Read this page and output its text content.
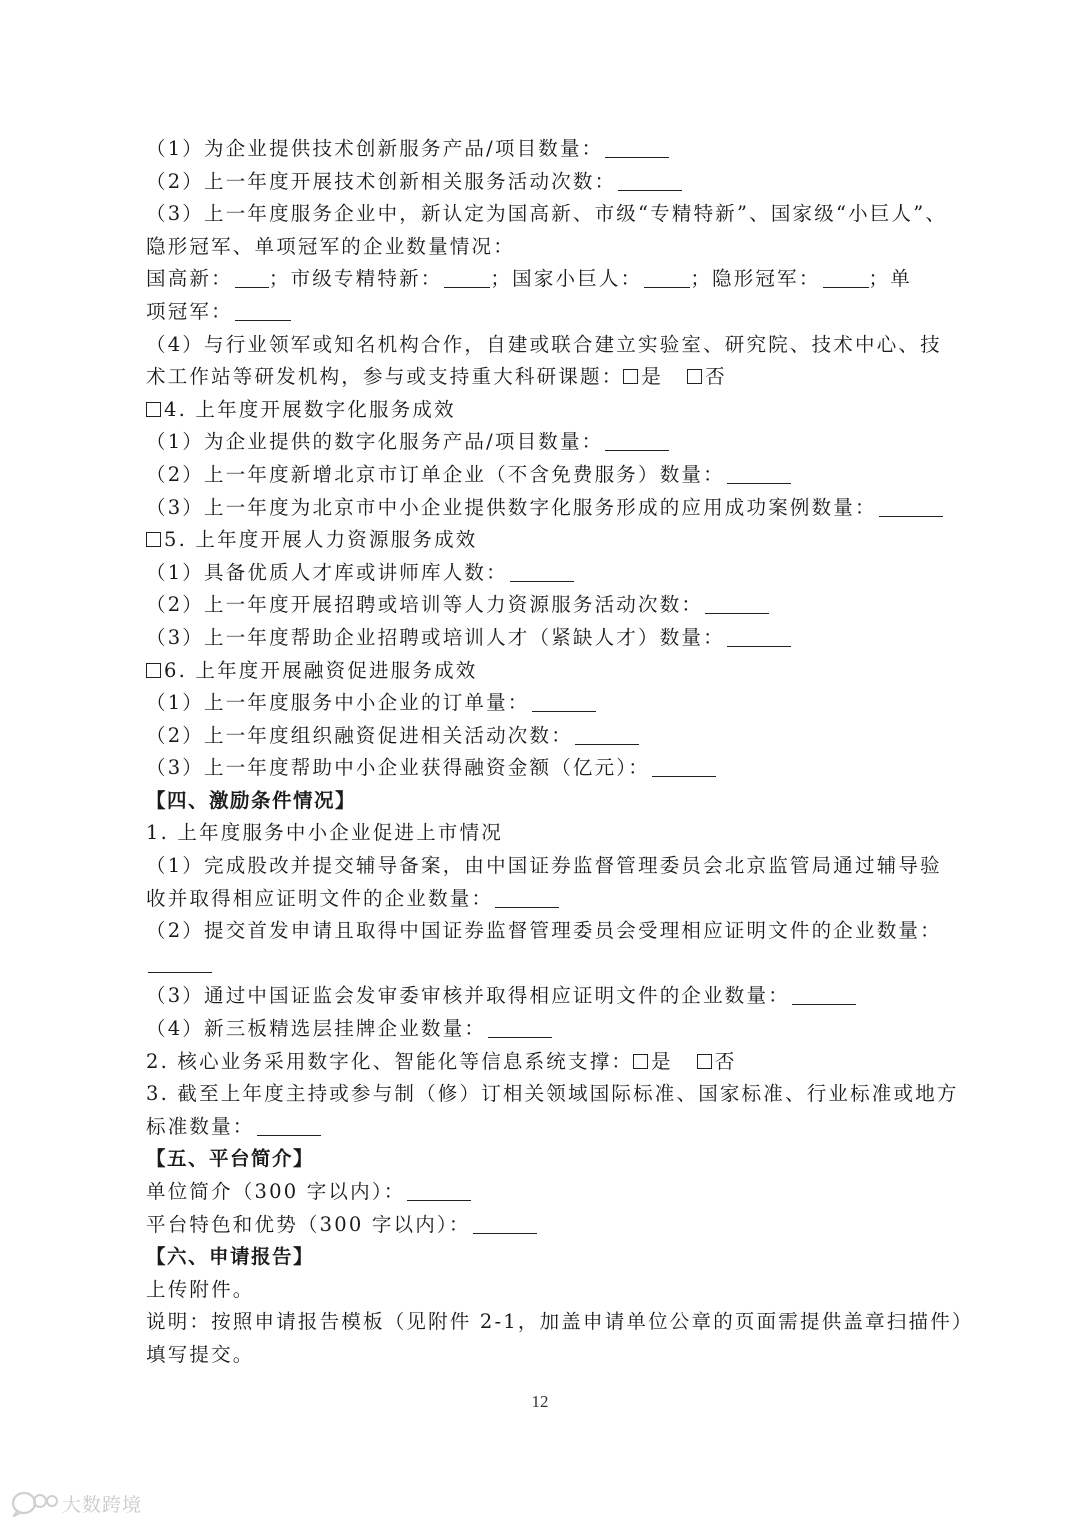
（1）为企业提供技术创新服务产品/项目数量：
（2）上一年度开展技术创新相关服务活动次数：
（3）上一年度服务企业中，新认定为国高新、市级“专精特新”、国家级“小巨人”、
隐形冠军、单项冠军的企业数量情况：
国高新： ；市级专精特新： ；国家小巨人： ；隐形冠军： ；单
项冠军：
（4）与行业领军或知名机构合作，自建或联合建立实验室、研究院、技术中心、技
术工作站等研发机构，参与或支持重大科研课题： 是 否
4. 上年度开展数字化服务成效
（1）为企业提供的数字化服务产品/项目数量：
（2）上一年度新增北京市订单企业（不含免费服务）数量：
（3）上一年度为北京市中小企业提供数字化服务形成的应用成功案例数量：
5. 上年度开展人力资源服务成效
（1）具备优质人才库或讲师库人数：
（2）上一年度开展招聘或培训等人力资源服务活动次数：
（3）上一年度帮助企业招聘或培训人才（紧缺人才）数量：
6. 上年度开展融资促进服务成效
（1）上一年度服务中小企业的订单量：
（2）上一年度组织融资促进相关活动次数：
（3）上一年度帮助中小企业获得融资金额（亿元）：
【四、激励条件情况】
1. 上年度服务中小企业促进上市情况
（1）完成股改并提交辅导备案，由中国证券监督管理委员会北京监管局通过辅导验
收并取得相应证明文件的企业数量：
（2）提交首发申请且取得中国证券监督管理委员会受理相应证明文件的企业数量：
（3）通过中国证监会发审委审核并取得相应证明文件的企业数量：
（4）新三板精选层挂牌企业数量：
2. 核心业务采用数字化、智能化等信息系统支撑： 是 否
3. 截至上年度主持或参与制（修）订相关领域国际标准、国家标准、行业标准或地方
标准数量：
【五、平台简介】
单位简介（300 字以内）：
平台特色和优势（300 字以内）：
【六、申请报告】
上传附件。
说明：按照申请报告模板（见附件 2-1，加盖申请单位公章的页面需提供盖章扫描件）
填写提交。
12
大数跨境
